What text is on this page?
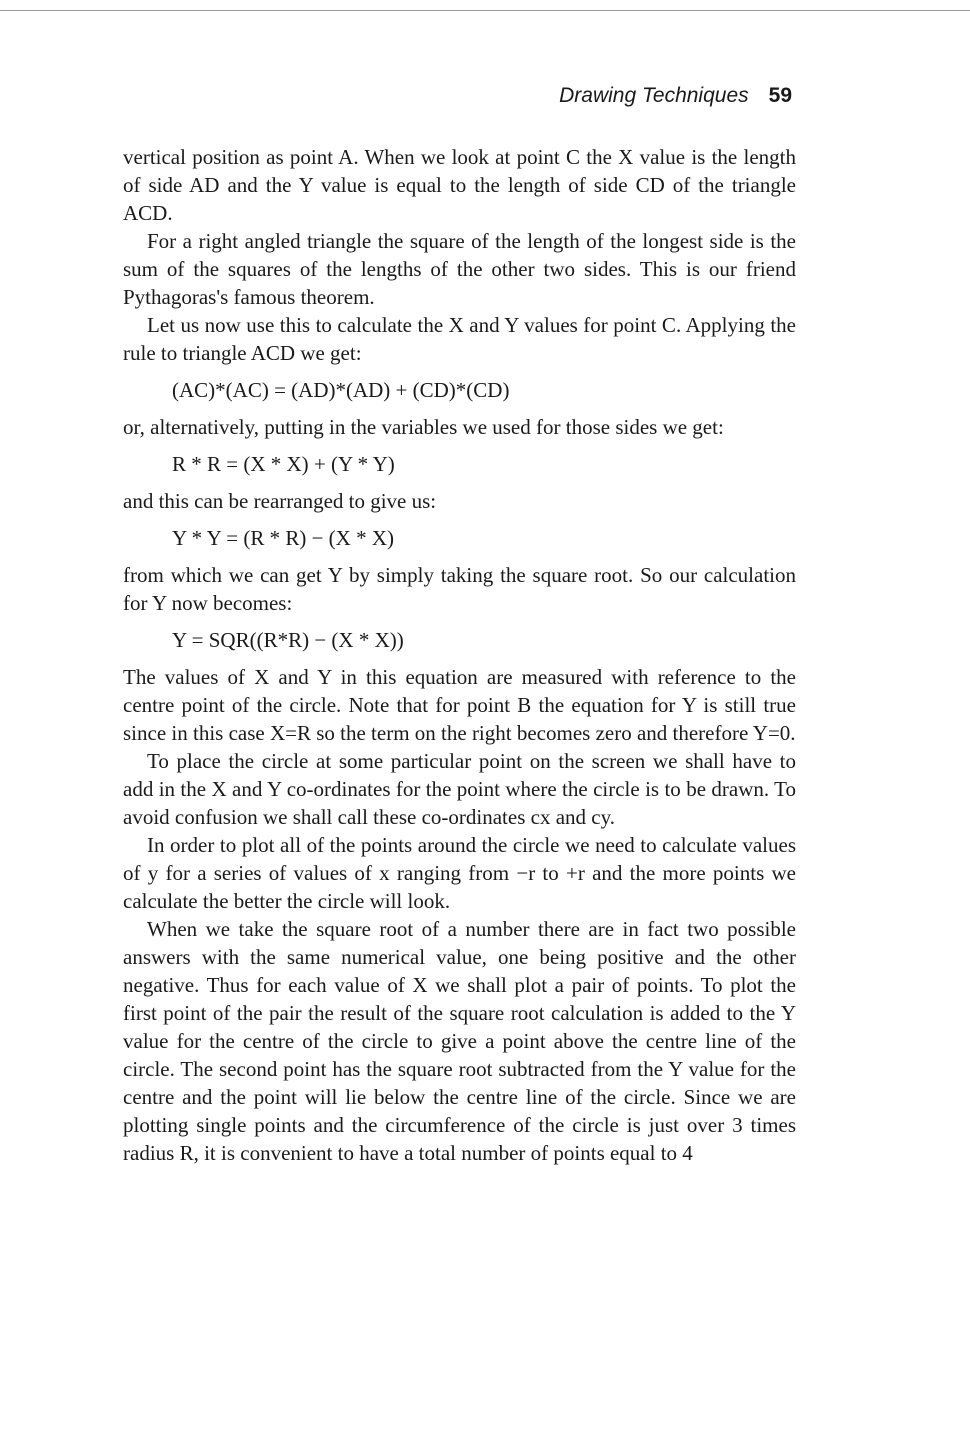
Drawing Techniques 59

vertical position as point A. When we look at point C the X value is the length of side AD and the Y value is equal to the length of side CD of the triangle ACD.

For a right angled triangle the square of the length of the longest side is the sum of the squares of the lengths of the other two sides. This is our friend Pythagoras's famous theorem.

Let us now use this to calculate the X and Y values for point C. Applying the rule to triangle ACD we get:

(AC)*(AC) = (AD)*(AD) + (CD)*(CD)

or, alternatively, putting in the variables we used for those sides we get:

R * R = (X * X) + (Y * Y)

and this can be rearranged to give us:

Y * Y = (R * R) − (X * X)

from which we can get Y by simply taking the square root. So our calculation for Y now becomes:

Y = SQR((R*R) − (X * X))

The values of X and Y in this equation are measured with reference to the centre point of the circle. Note that for point B the equation for Y is still true since in this case X=R so the term on the right becomes zero and therefore Y=0.

To place the circle at some particular point on the screen we shall have to add in the X and Y co-ordinates for the point where the circle is to be drawn. To avoid confusion we shall call these co-ordinates cx and cy.

In order to plot all of the points around the circle we need to calculate values of y for a series of values of x ranging from −r to +r and the more points we calculate the better the circle will look.

When we take the square root of a number there are in fact two possible answers with the same numerical value, one being positive and the other negative. Thus for each value of X we shall plot a pair of points. To plot the first point of the pair the result of the square root calculation is added to the Y value for the centre of the circle to give a point above the centre line of the circle. The second point has the square root subtracted from the Y value for the centre and the point will lie below the centre line of the circle. Since we are plotting single points and the circumference of the circle is just over 3 times radius R, it is convenient to have a total number of points equal to 4
